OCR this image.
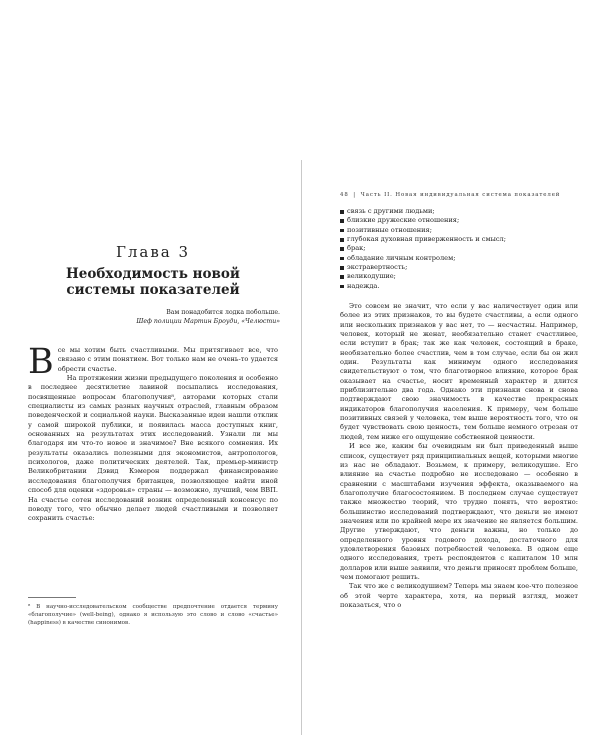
Глава 3
Необходимость новой
системы показателей
Вам понадобится лодка побольше.
Шеф полиции Мартин Броуди, «Челюсти»

Все мы хотим быть счастливыми. Мы притягивает все, что связано с этим понятием. Вот только нам не очень-то удается обрести счастье.

На протяжении жизни предыдущего поколения и особенно в последнее десятилетие лавиной посыпались исследования, посвященные вопросам благополучия⁸, авторами которых стали специалисты из самых разных научных отраслей, главным образом поведенческой и социальной науки. Высказанные идеи нашли отклик у самой широкой публики, и появилась масса доступных книг, основанных на результатах этих исследований. Узнали ли мы благодаря им что-то новое и значимое? Вне всякого сомнения. Их результаты оказались полезными для экономистов, антропологов, психологов, даже политических деятелей. Так, премьер-министр Великобритании Дэвид Кэмерон поддержал финансирование исследования благополучия британцев, позволяющее найти иной способ для оценки «здоровья» страны — возможно, лучший, чем ВВП. На счастье сотен исследований возник определенный консенсус по поводу того, что обычно делает людей счастливыми и позволяет сохранить счастье:

⁸ В научно-исследовательском сообществе предпочтение отдается термину «благополучие» (well-being), однако я использую это слово и слово «счастье» (happiness) в качестве синонимов.
48 | Часть II. Новая индивидуальная система показателей
связь с другими людьми;
близкие дружеские отношения;
позитивные отношения;
глубокая духовная приверженность и смысл;
брак;
обладание личным контролем;
экстравертность;
великодушие;
надежда.

Это совсем не значит, что если у вас наличествует один или более из этих признаков, то вы будете счастливы, а если одного или нескольких признаков у вас нет, то — несчастны. Например, человек, который не женат, необязательно станет счастливее, если вступит в брак; так же как человек, состоящий в браке, необязательно более счастлив, чем в том случае, если бы он жил один. Результаты как минимум одного исследования свидетельствуют о том, что благотворное влияние, которое брак оказывает на счастье, носит временный характер и длится приблизительно два года. Однако эти признаки снова и снова подтверждают свою значимость в качестве прекрасных индикаторов благополучия населения. К примеру, чем больше позитивных связей у человека, тем выше вероятность того, что он будет чувствовать свою ценность, тем больше немного отрезан от людей, тем ниже его ощущение собственной ценности.

И все же, каким бы очевидным ни был приведенный выше список, существует ряд принципиальных вещей, которыми многие из нас не обладают. Возьмем, к примеру, великодушие. Его влияние на счастье подробно не исследовано — особенно в сравнении с масштабами изучения эффекта, оказываемого на благополучие благосостоянием. В последнем случае существует также множество теорий, что трудно понять, что вероятно: большинство исследований подтверждают, что деньги не имеют значения или по крайней мере их значение не является большим. Другие утверждают, что деньги важны, но только до определенного уровня годового дохода, достаточного для удовлетворения базовых потребностей человека. В одном еще одного исследования, треть респондентов с капиталом 10 млн долларов или выше заявили, что деньги приносят проблем больше, чем помогают решить.

Так что же с великодушием? Теперь мы знаем кое-что полезное об этой черте характера, хотя, на первый взгляд, может показаться, что о
